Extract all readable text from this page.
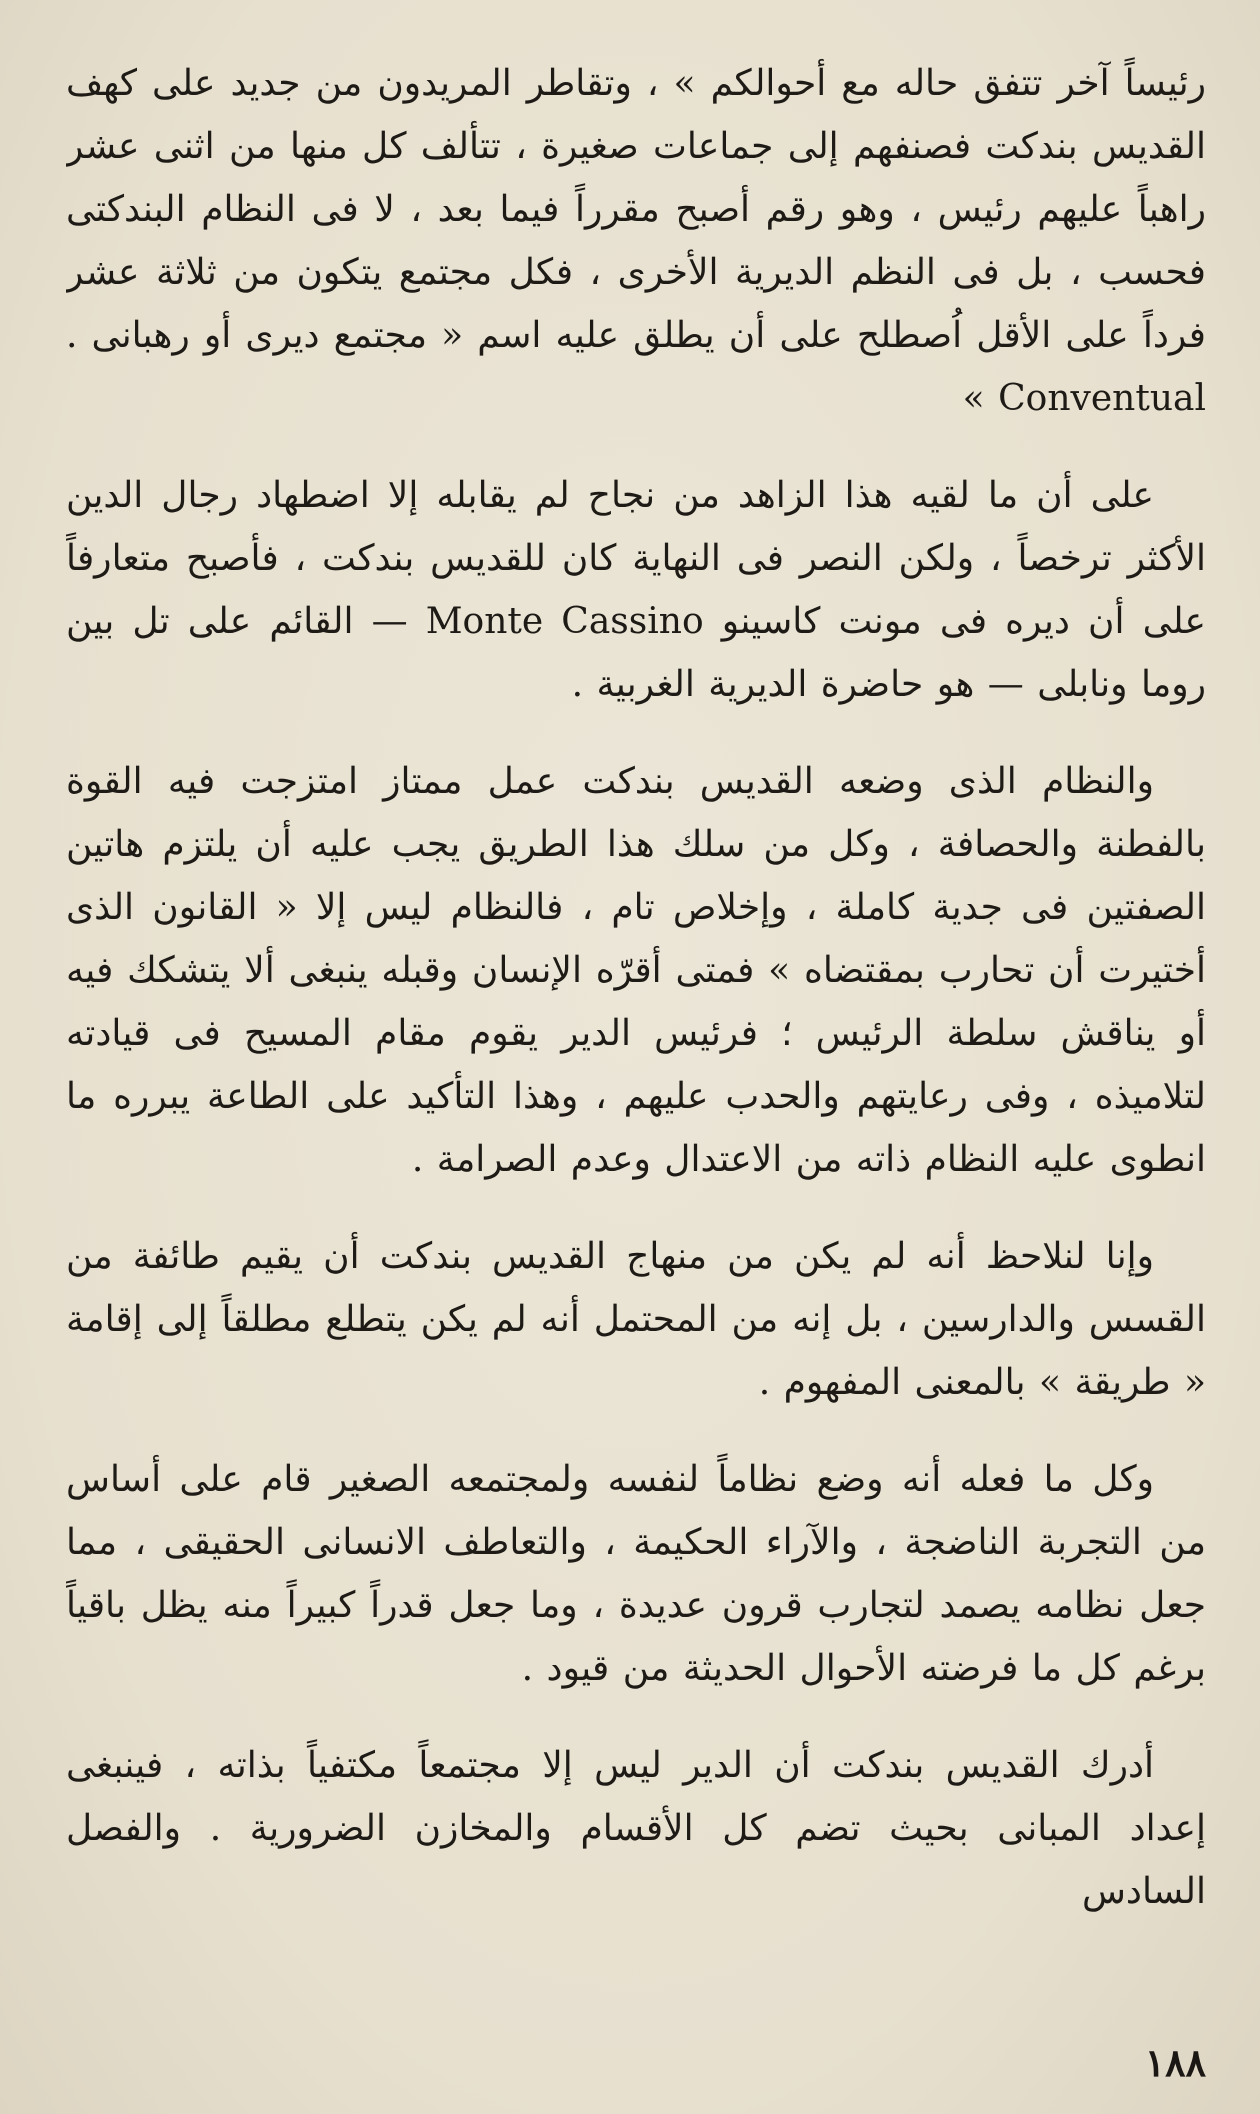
رئيساً آخر تتفق حاله مع أحوالكم » ، وتقاطر المريدون من جديد على كهف القديس بندكت فصنفهم إلى جماعات صغيرة ، تتألف كل منها من اثنى عشر راهباً عليهم رئيس ، وهو رقم أصبح مقرراً فيما بعد ، لا فى النظام البندكتى فحسب ، بل فى النظم الديرية الأخرى ، فكل مجتمع يتكون من ثلاثة عشر فرداً على الأقل اُصطلح على أن يطلق عليه اسم « مجتمع ديرى أو رهبانى . Conventual »

على أن ما لقيه هذا الزاهد من نجاح لم يقابله إلا اضطهاد رجال الدين الأكثر ترخصاً ، ولكن النصر فى النهاية كان للقديس بندكت ، فأصبح متعارفاً على أن ديره فى مونت كاسينو Monte Cassino — القائم على تل بين روما ونابلى — هو حاضرة الديرية الغربية .

والنظام الذى وضعه القديس بندكت عمل ممتاز امتزجت فيه القوة بالفطنة والحصافة ، وكل من سلك هذا الطريق يجب عليه أن يلتزم هاتين الصفتين فى جدية كاملة ، وإخلاص تام ، فالنظام ليس إلا « القانون الذى أختيرت أن تحارب بمقتضاه » فمتى أقرّه الإنسان وقبله ينبغى ألا يتشكك فيه أو يناقش سلطة الرئيس ؛ فرئيس الدير يقوم مقام المسيح فى قيادته لتلاميذه ، وفى رعايتهم والحدب عليهم ، وهذا التأكيد على الطاعة يبرره ما انطوى عليه النظام ذاته من الاعتدال وعدم الصرامة .

وإنا لنلاحظ أنه لم يكن من منهاج القديس بندكت أن يقيم طائفة من القسس والدارسين ، بل إنه من المحتمل أنه لم يكن يتطلع مطلقاً إلى إقامة « طريقة » بالمعنى المفهوم .

وكل ما فعله أنه وضع نظاماً لنفسه ولمجتمعه الصغير قام على أساس من التجربة الناضجة ، والآراء الحكيمة ، والتعاطف الانسانى الحقيقى ، مما جعل نظامه يصمد لتجارب قرون عديدة ، وما جعل قدراً كبيراً منه يظل باقياً برغم كل ما فرضته الأحوال الحديثة من قيود .

أدرك القديس بندكت أن الدير ليس إلا مجتمعاً مكتفياً بذاته ، فينبغى إعداد المبانى بحيث تضم كل الأقسام والمخازن الضرورية . والفصل السادس

١٨٨
